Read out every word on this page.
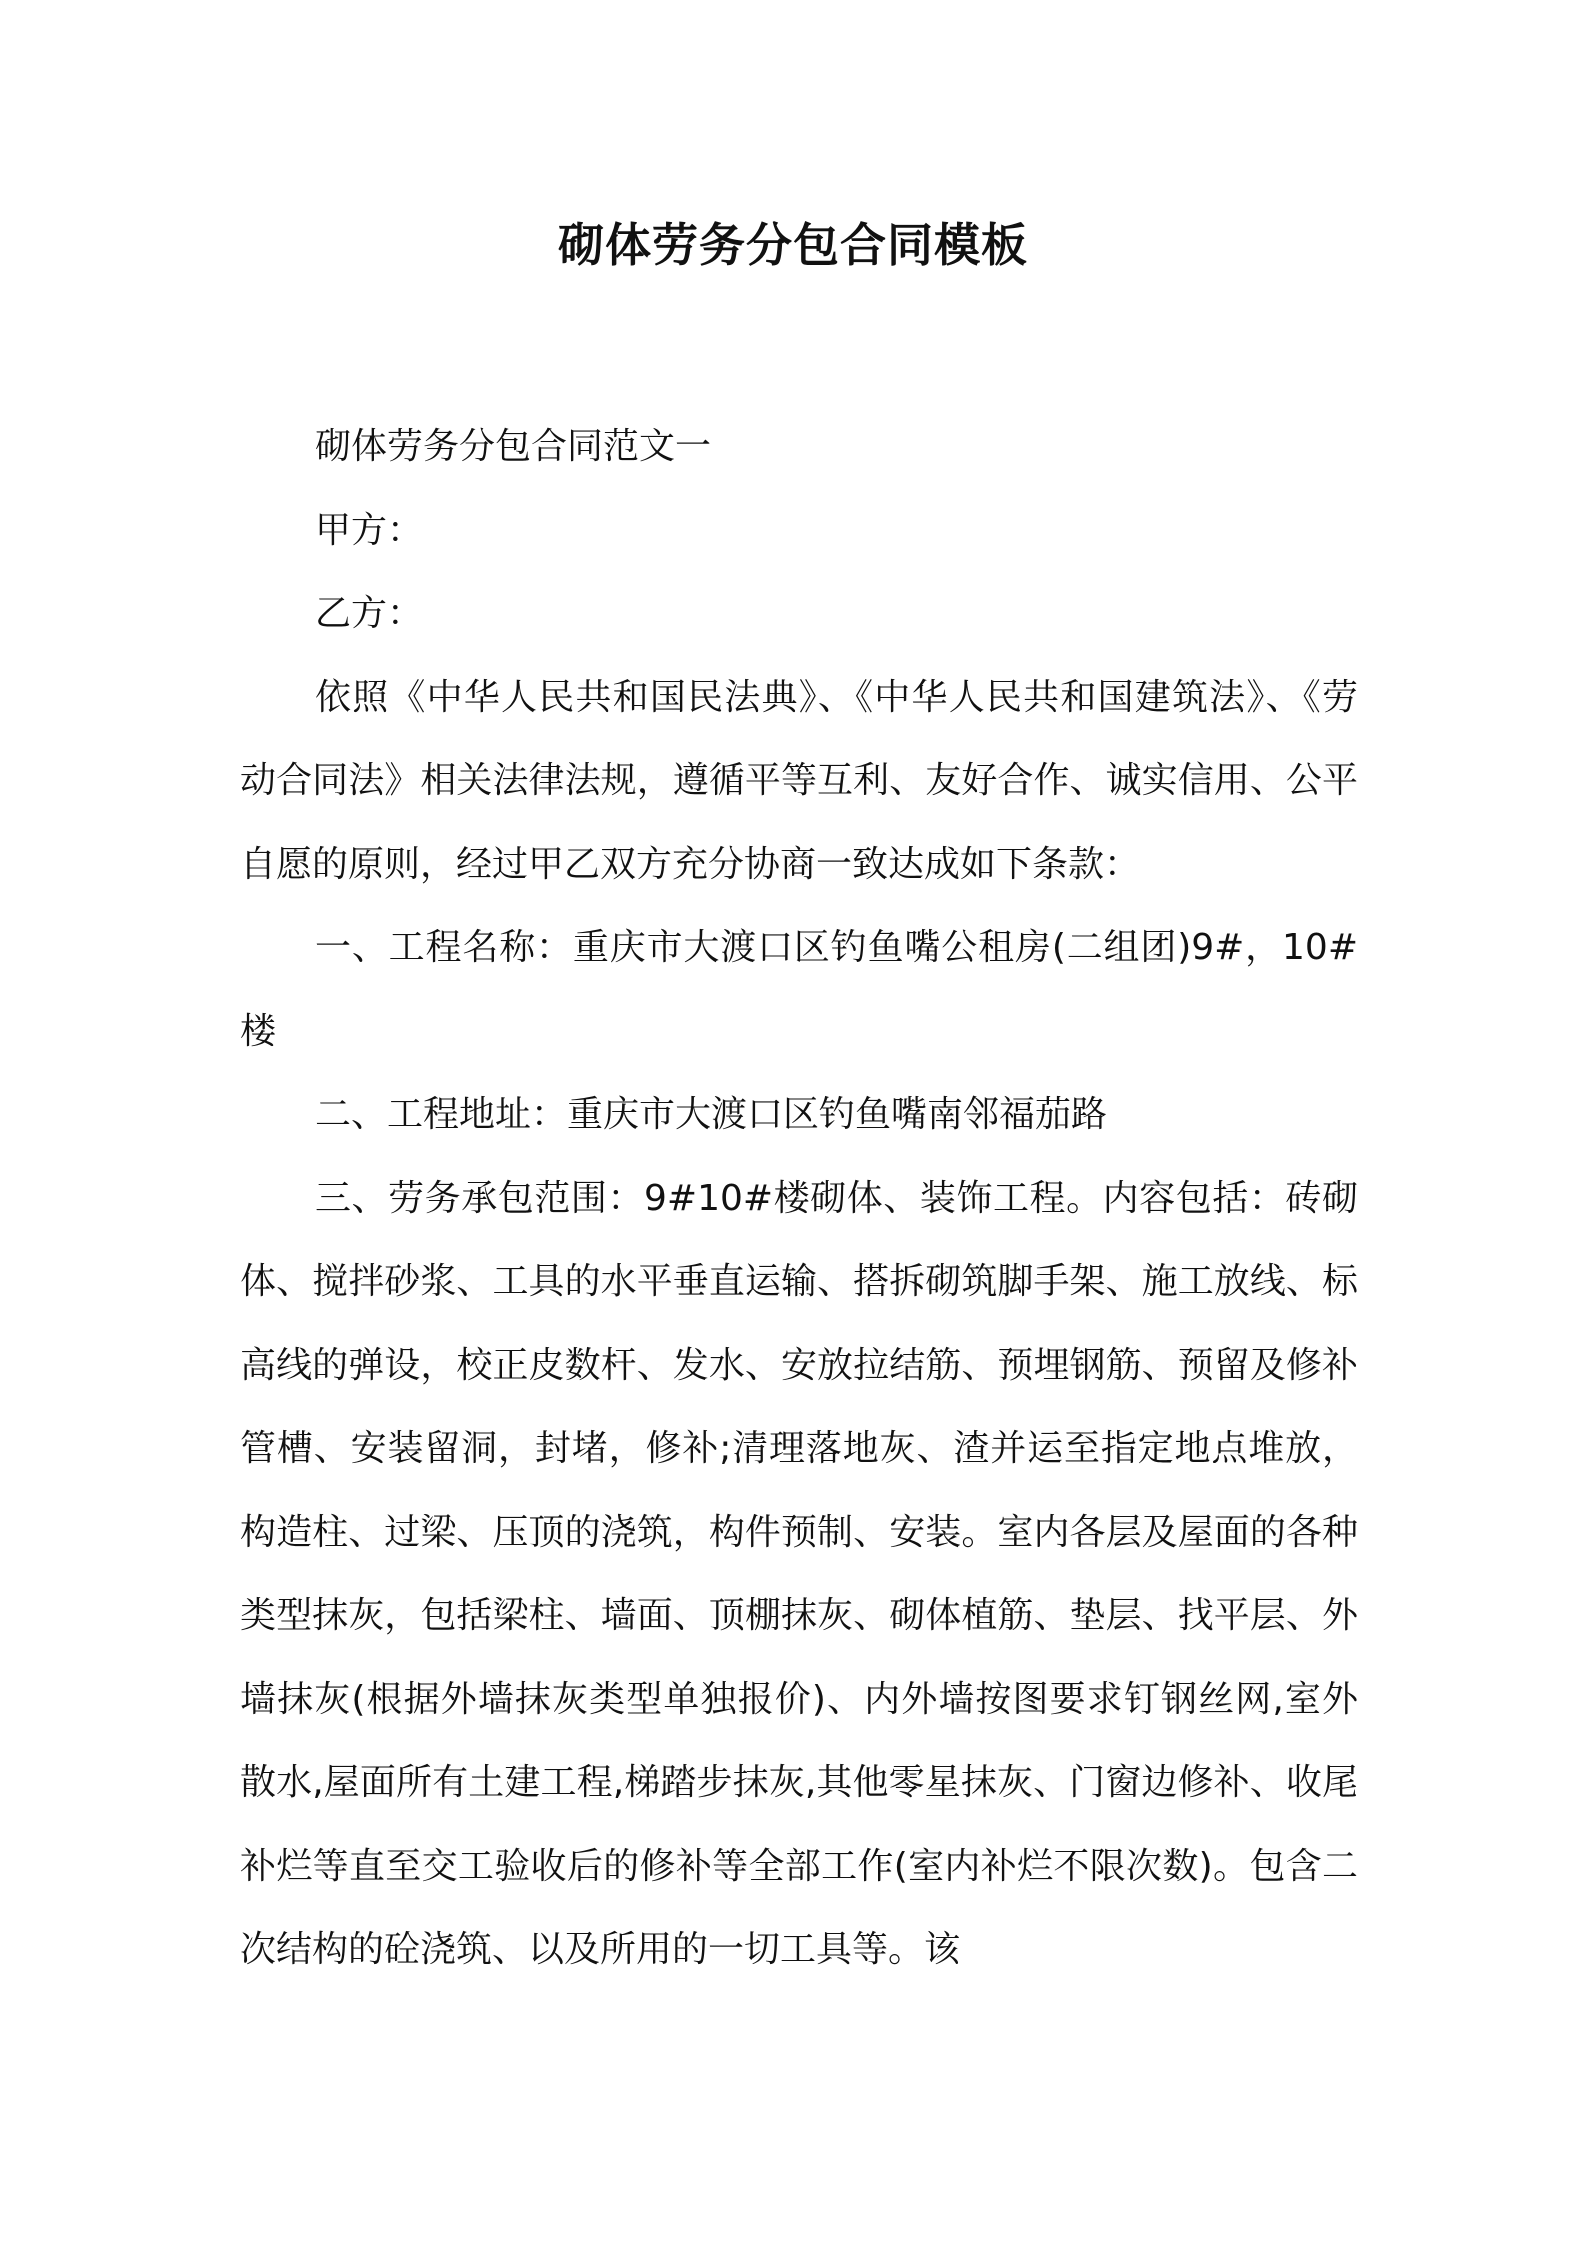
砌体劳务分包合同模板

砌体劳务分包合同范文一

甲方：

乙方：

依照《中华人民共和国民法典》、《中华人民共和国建筑法》、《劳动合同法》相关法律法规，遵循平等互利、友好合作、诚实信用、公平自愿的原则，经过甲乙双方充分协商一致达成如下条款：

一、工程名称：重庆市大渡口区钓鱼嘴公租房(二组团)9#，10#楼

二、工程地址：重庆市大渡口区钓鱼嘴南邻福茄路

三、劳务承包范围：9#10#楼砌体、装饰工程。内容包括：砖砌体、搅拌砂浆、工具的水平垂直运输、搭拆砌筑脚手架、施工放线、标高线的弹设，校正皮数杆、发水、安放拉结筋、预埋钢筋、预留及修补管槽、安装留洞，封堵，修补;清理落地灰、渣并运至指定地点堆放，构造柱、过梁、压顶的浇筑，构件预制、安装。室内各层及屋面的各种类型抹灰，包括梁柱、墙面、顶棚抹灰、砌体植筋、垫层、找平层、外墙抹灰(根据外墙抹灰类型单独报价)、内外墙按图要求钉钢丝网,室外散水,屋面所有土建工程,梯踏步抹灰,其他零星抹灰、门窗边修补、收尾补烂等直至交工验收后的修补等全部工作(室内补烂不限次数)。包含二次结构的砼浇筑、以及所用的一切工具等。该
